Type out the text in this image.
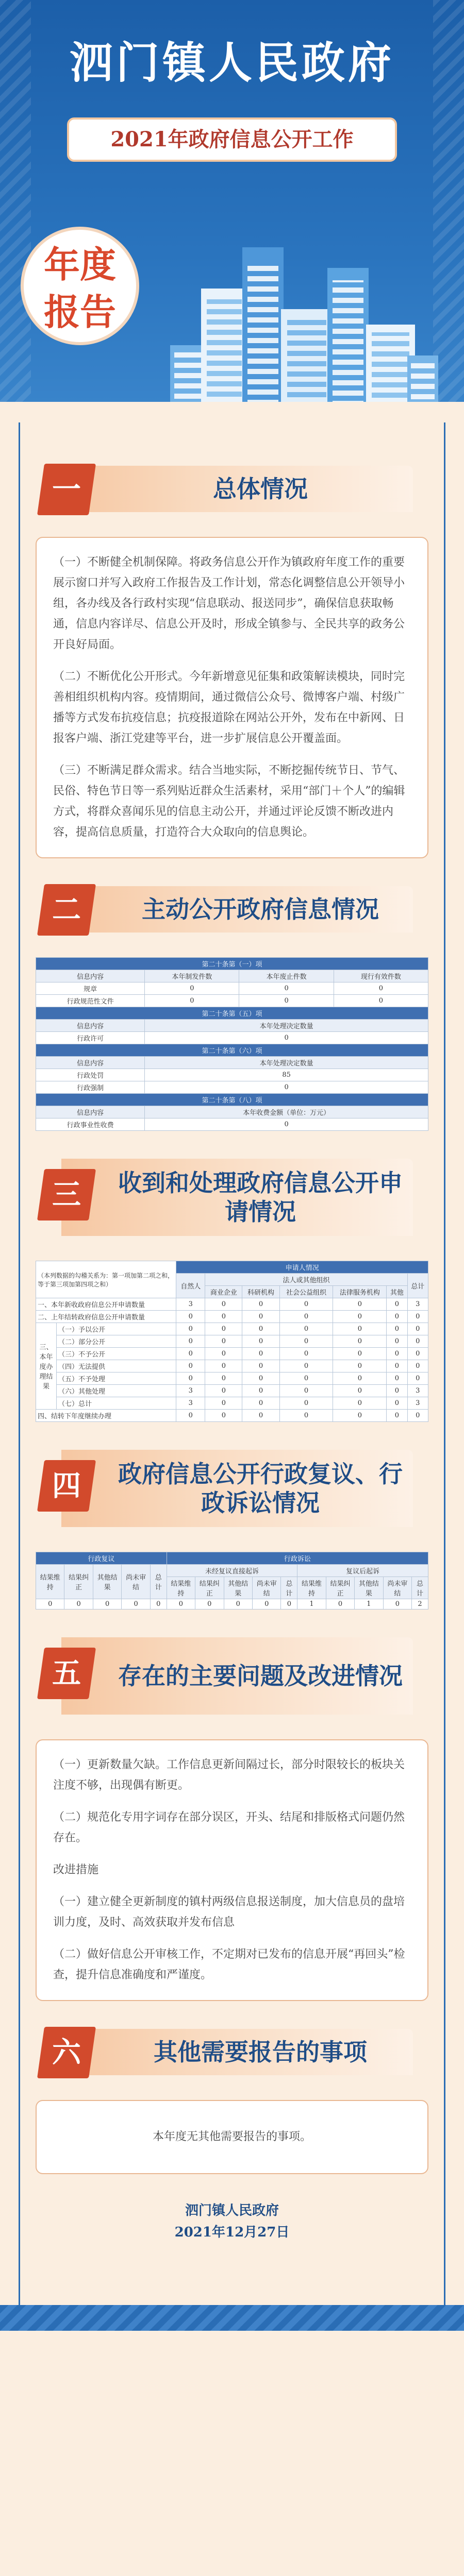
泗门镇人民政府
2021年政府信息公开工作
年度
报告
一	总体情况

（一）不断健全机制保障。将政务信息公开作为镇政府年度工作的重要展示窗口并写入政府工作报告及工作计划，常态化调整信息公开领导小组，各办线及各行政村实现“信息联动、报送同步”，确保信息获取畅通，信息内容详尽、信息公开及时，形成全镇参与、全民共享的政务公开良好局面。

（二）不断优化公开形式。今年新增意见征集和政策解读模块，同时完善相组织机构内容。疫情期间，通过微信公众号、微博客户端、村级广播等方式发布抗疫信息；抗疫报道除在网站公开外，发布在中新网、日报客户端、浙江党建等平台，进一步扩展信息公开覆盖面。

（三）不断满足群众需求。结合当地实际，不断挖掘传统节日、节气、民俗、特色节日等一系列贴近群众生活素材，采用“部门＋个人”的编辑方式，将群众喜闻乐见的信息主动公开，并通过评论反馈不断改进内容，提高信息质量，打造符合大众取向的信息舆论。

二	主动公开政府信息情况
第二十条第（一）项			
信息内容	本年制发件数	本年废止件数	现行有效件数
规章	0	0	0
行政规范性文件	0	0	0
第二十条第（五）项			
信息内容	本年处理决定数量		
行政许可	0		
第二十条第（六）项			
信息内容	本年处理决定数量		
行政处罚	85		
行政强制	0		
第二十条第（八）项			
信息内容	本年收费金额（单位：万元）		
行政事业性收费	0		
三	收到和处理政府信息公开申请情况
（本列数据的勾稽关系为：第一项加第二项之和，等于第三项加第四项之和）		申请人情况						
		自然人	法人或其他组织					总计
			商业企业	科研机构	社会公益组织	法律服务机构	其他	
一、本年新收政府信息公开申请数量		3	0	0	0	0	0	3
二、上年结转政府信息公开申请数量		0	0	0	0	0	0	0
三、本年度办理结果	（一）予以公开	0	0	0	0	0	0	0
	（二）部分公开	0	0	0	0	0	0	0
	（三）不予公开	0	0	0	0	0	0	0
	（四）无法提供	0	0	0	0	0	0	0
	（五）不予处理	0	0	0	0	0	0	0
	（六）其他处理	3	0	0	0	0	0	3
	（七）总计	3	0	0	0	0	0	3
四、结转下年度继续办理		0	0	0	0	0	0	0
四	政府信息公开行政复议、行政诉讼情况
行政复议					行政诉讼									
结果维持	结果纠正	其他结果	尚未审结	总计	未经复议直接起诉					复议后起诉				
					结果维持	结果纠正	其他结果	尚未审结	总计	结果维持	结果纠正	其他结果	尚未审结	总计
0	0	0	0	0	0	0	0	0	0	1	0	1	0	2
五	存在的主要问题及改进情况

（一）更新数量欠缺。工作信息更新间隔过长，部分时限较长的板块关注度不够，出现偶有断更。

（二）规范化专用字词存在部分误区，开头、结尾和排版格式问题仍然存在。

改进措施

（一）建立健全更新制度的镇村两级信息报送制度，加大信息员的盘培训力度，及时、高效获取并发布信息

（二）做好信息公开审核工作，不定期对已发布的信息开展“再回头”检查，提升信息准确度和严谨度。

六	其他需要报告的事项

本年度无其他需要报告的事项。

泗门镇人民政府
2021年12月27日
